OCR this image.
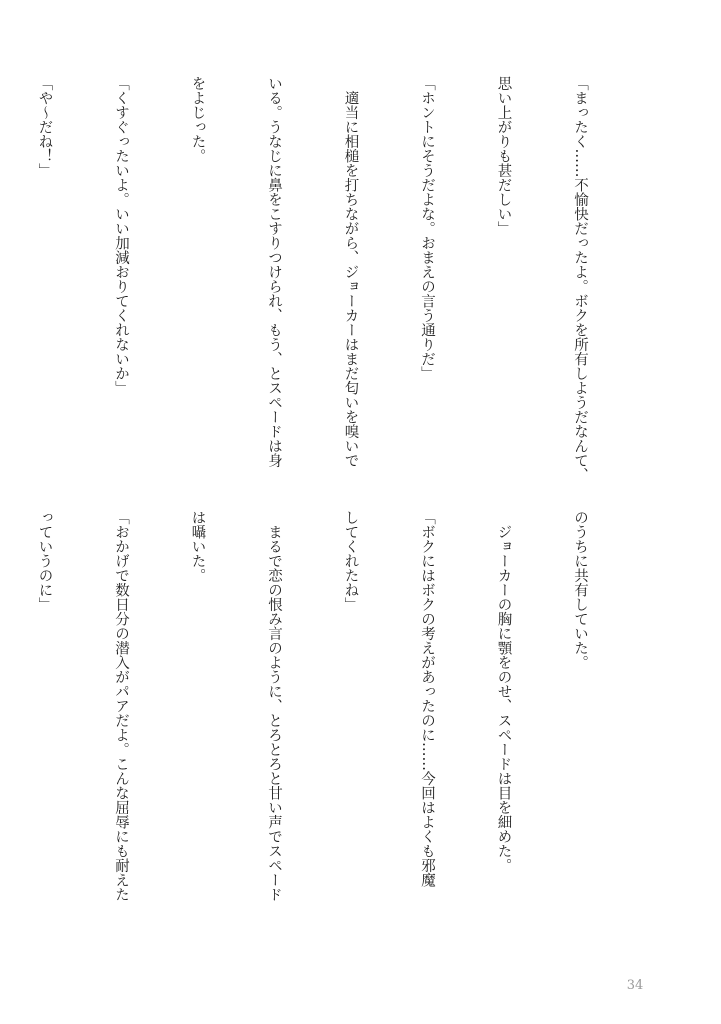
「まったく……不愉快だったよ。ボクを所有しようだなんて、

思い上がりも甚だしい」

「ホントにそうだよな。おまえの言う通りだ」

　適当に相槌を打ちながら、ジョーカーはまだ匂いを嗅いで

いる。うなじに鼻をこすりつけられ、もう、とスペードは身

をよじった。

「くすぐったいよ。いい加減おりてくれないか」

「や〜だね！」

のうちに共有していた。

　ジョーカーの胸に顎をのせ、スペードは目を細めた。

「ボクにはボクの考えがあったのに……今回はよくも邪魔

してくれたね」

　まるで恋の恨み言のように、とろとろと甘い声でスペード

は囁いた。

「おかげで数日分の潜入がパアだよ。こんな屈辱にも耐えた

っていうのに」

34
